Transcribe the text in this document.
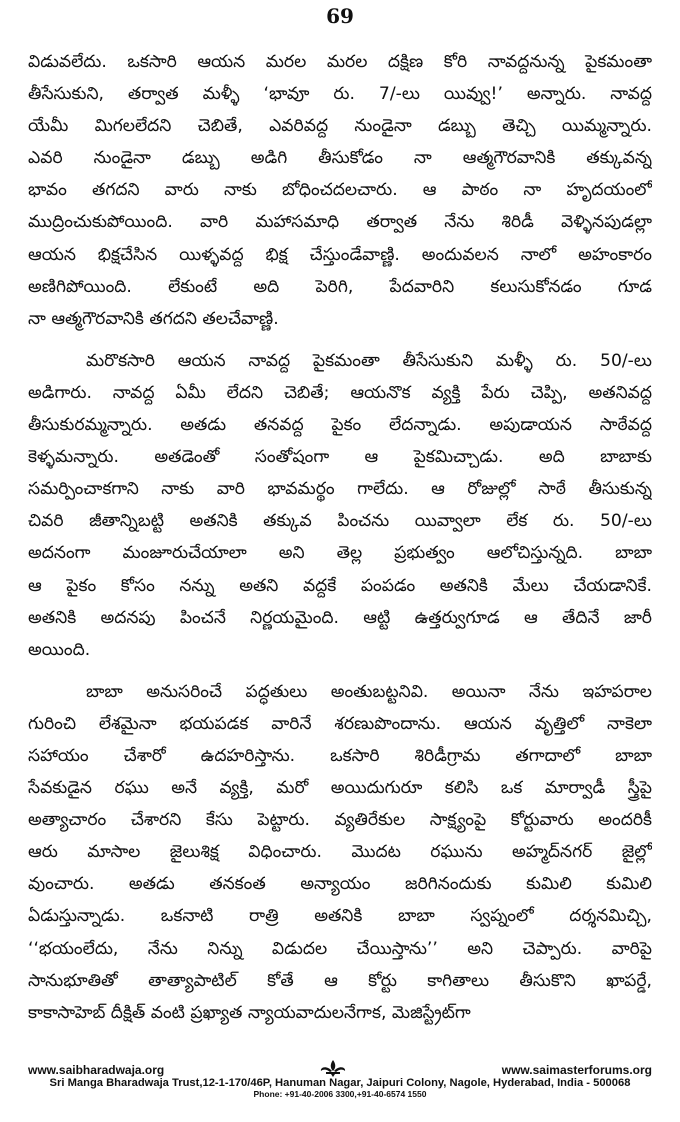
69

విడువలేదు. ఒకసారి ఆయన మరల మరల దక్షిణ కోరి నావద్దనున్న పైకమంతా
తీసేసుకుని, తర్వాత మళ్ళీ ‘భావూ రు. 7/-లు యివ్వు!’ అన్నారు. నావద్ద
యేమీ మిగలలేదని చెబితే, ఎవరివద్ద నుండైనా డబ్బు తెచ్చి యిమ్మన్నారు.
ఎవరి నుండైనా డబ్బు అడిగి తీసుకోడం నా ఆత్మగౌరవానికి తక్కువన్న
భావం తగదని వారు నాకు బోధించదలచారు. ఆ పాఠం నా హృదయంలో
ముద్రించుకుపోయింది. వారి మహాసమాధి తర్వాత నేను శిరిడీ వెళ్ళినపుడల్లా
ఆయన భిక్షచేసిన యిళ్ళవద్ద భిక్ష చేస్తుండేవాణ్ణి. అందువలన నాలో అహంకారం
అణిగిపోయింది. లేకుంటే అది పెరిగి, పేదవారిని కలుసుకోనడం గూడ
నా ఆత్మగౌరవానికి తగదని తలచేవాణ్ణి.

మరొకసారి ఆయన నావద్ద పైకమంతా తీసేసుకుని మళ్ళీ రు. 50/-లు
అడిగారు. నావద్ద ఏమీ లేదని చెబితే; ఆయనొక వ్యక్తి పేరు చెప్పి, అతనివద్ద
తీసుకురమ్మన్నారు. అతడు తనవద్ద పైకం లేదన్నాడు. అపుడాయన సాఠేవద్ద
కెళ్ళమన్నారు. అతడెంతో సంతోషంగా ఆ పైకమిచ్చాడు. అది బాబాకు
సమర్పించాకగాని నాకు వారి భావమర్థం గాలేదు. ఆ రోజుల్లో సాఠే తీసుకున్న
చివరి జీతాన్నిబట్టి అతనికి తక్కువ పించను యివ్వాలా లేక రు. 50/-లు
అదనంగా మంజూరుచేయాలా అని తెల్ల ప్రభుత్వం ఆలోచిస్తున్నది. బాబా
ఆ పైకం కోసం నన్ను అతని వద్దకే పంపడం అతనికి మేలు చేయడానికే.
అతనికి అదనపు పించనే నిర్ణయమైంది. ఆట్టి ఉత్తర్వుగూడ ఆ తేదినే జారీ
అయింది.

బాబా అనుసరించే పద్ధతులు అంతుబట్టనివి. అయినా నేను ఇహపరాల
గురించి లేశమైనా భయపడక వారినే శరణుపొందాను. ఆయన వృత్తిలో నాకెలా
సహాయం చేశారో ఉదహరిస్తాను. ఒకసారి శిరిడీగ్రామ తగాదాలో బాబా
సేవకుడైన రఘు అనే వ్యక్తి, మరో అయిదుగురూ కలిసి ఒక మార్వాడీ స్త్రీపై
అత్యాచారం చేశారని కేసు పెట్టారు. వ్యతిరేకుల సాక్ష్యంపై కోర్టువారు అందరికీ
ఆరు మాసాల జైలుశిక్ష విధించారు. మొదట రఘును అహ్మద్‌నగర్ జైల్లో
వుంచారు. అతడు తనకంత అన్యాయం జరిగినందుకు కుమిలి కుమిలి
ఏడుస్తున్నాడు. ఒకనాటి రాత్రి అతనికి బాబా స్వప్నంలో దర్శనమిచ్చి,
‘‘భయంలేదు, నేను నిన్ను విడుదల చేయిస్తాను’’ అని చెప్పారు. వారిపై
సానుభూతితో తాత్యాపాటిల్ కోతే ఆ కోర్టు కాగితాలు తీసుకొని ఖాపర్డే,
కాకాసాహెబ్ దీక్షిత్ వంటి ప్రఖ్యాత న్యాయవాదులనేగాక, మెజిస్ట్రేట్‌గా

www.saibharadwaja.org	www.saimasterforums.org
Sri Manga Bharadwaja Trust,12-1-170/46P, Hanuman Nagar, Jaipuri Colony, Nagole, Hyderabad, India - 500068
Phone: +91-40-2006 3300,+91-40-6574 1550
